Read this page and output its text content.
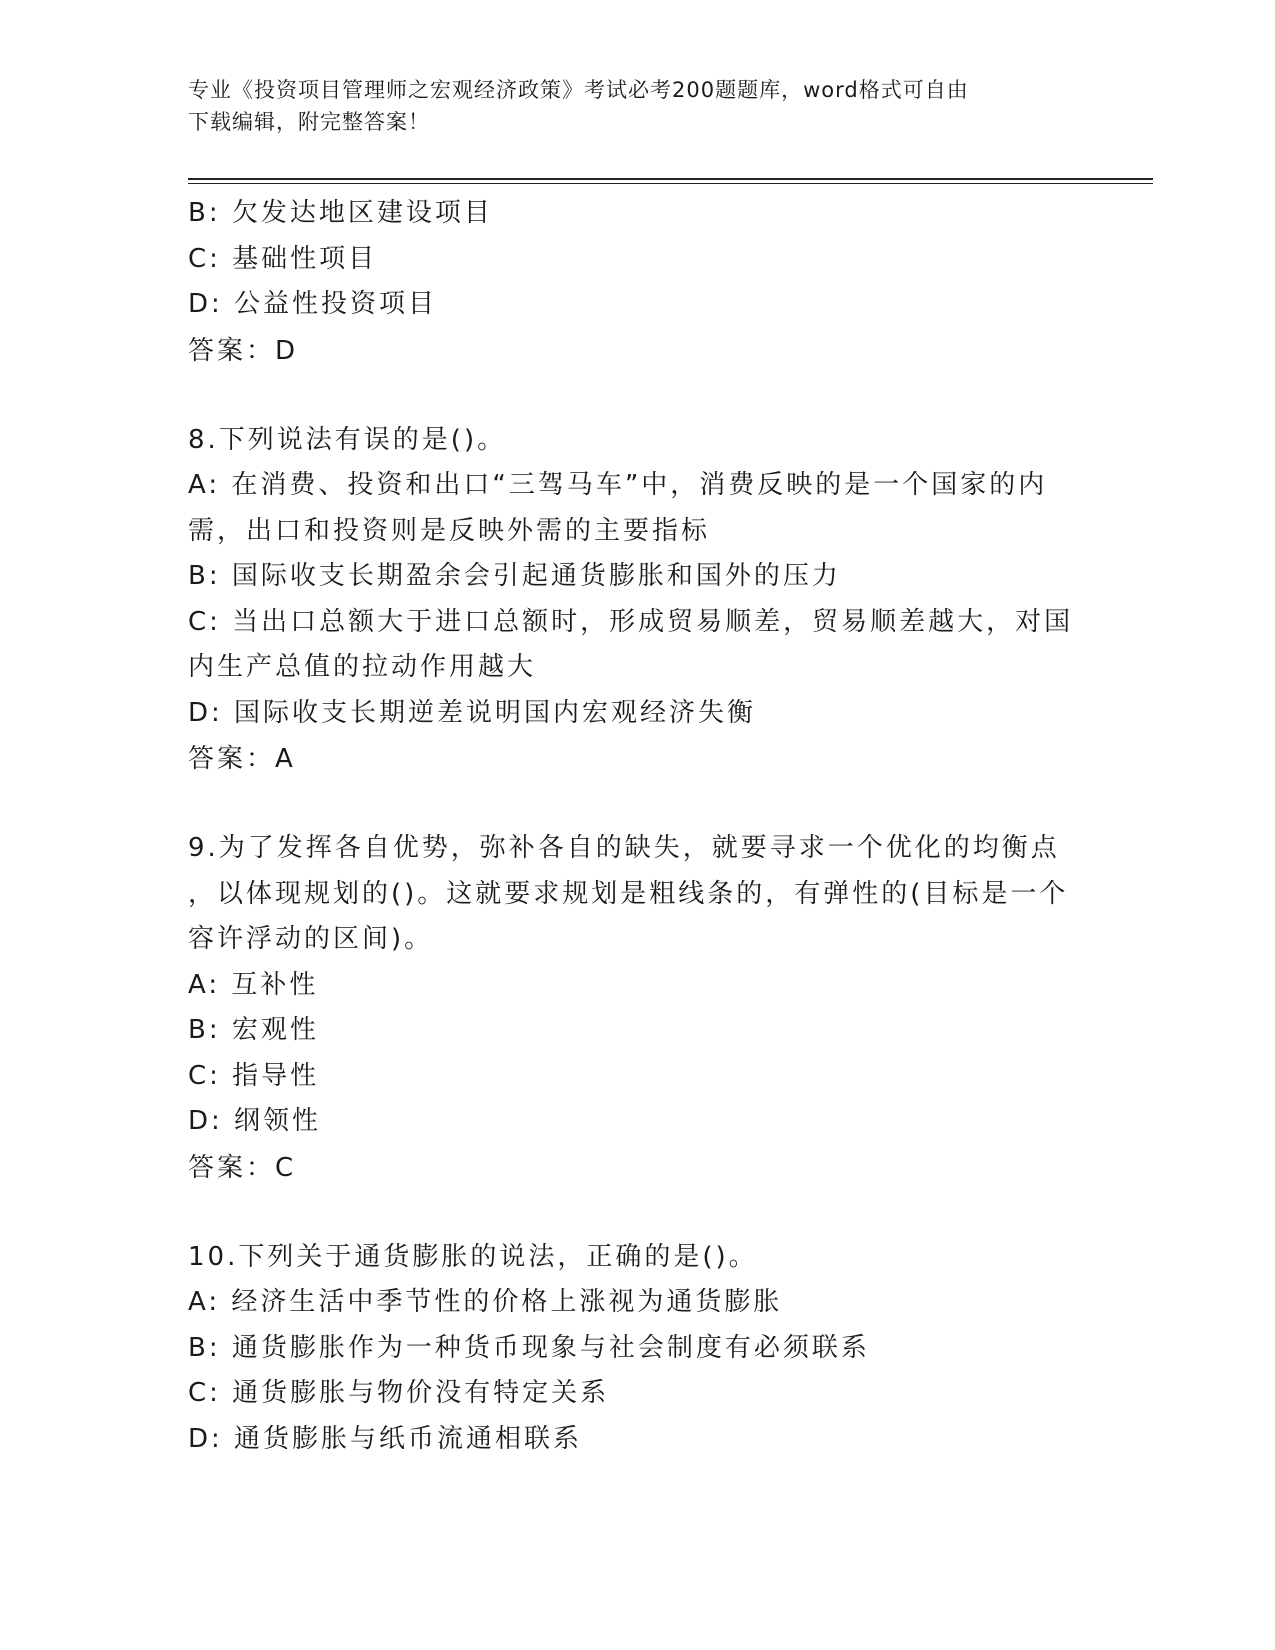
专业《投资项目管理师之宏观经济政策》考试必考200题题库，word格式可自由
下载编辑，附完整答案！

B: 欠发达地区建设项目

C: 基础性项目

D: 公益性投资项目

答案：D

8.下列说法有误的是()。

A: 在消费、投资和出口“三驾马车”中，消费反映的是一个国家的内

需，出口和投资则是反映外需的主要指标

B: 国际收支长期盈余会引起通货膨胀和国外的压力

C: 当出口总额大于进口总额时，形成贸易顺差，贸易顺差越大，对国

内生产总值的拉动作用越大

D: 国际收支长期逆差说明国内宏观经济失衡

答案：A

9.为了发挥各自优势，弥补各自的缺失，就要寻求一个优化的均衡点

，以体现规划的()。这就要求规划是粗线条的，有弹性的(目标是一个

容许浮动的区间)。

A: 互补性

B: 宏观性

C: 指导性

D: 纲领性

答案：C

10.下列关于通货膨胀的说法，正确的是()。

A: 经济生活中季节性的价格上涨视为通货膨胀

B: 通货膨胀作为一种货币现象与社会制度有必须联系

C: 通货膨胀与物价没有特定关系

D: 通货膨胀与纸币流通相联系
